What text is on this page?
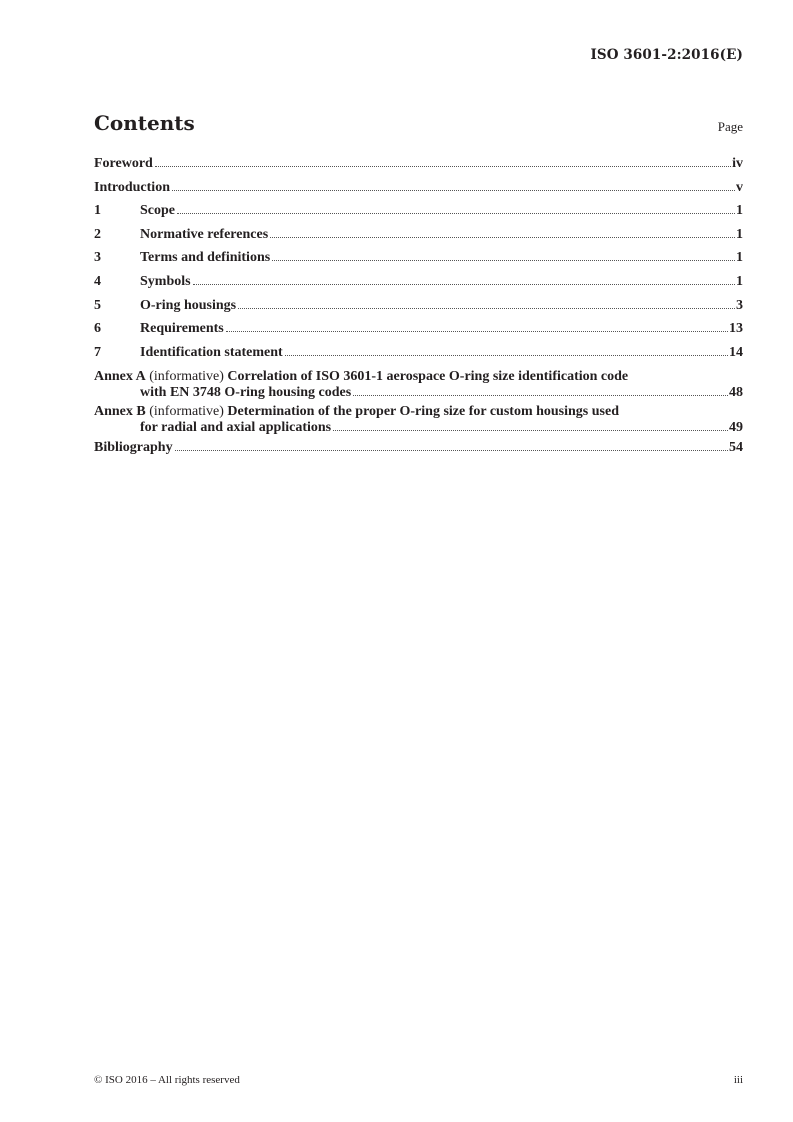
ISO 3601-2:2016(E)
Contents	Page
Foreword	iv
Introduction	v
1	Scope	1
2	Normative references	1
3	Terms and definitions	1
4	Symbols	1
5	O-ring housings	3
6	Requirements	13
7	Identification statement	14
Annex A (informative) Correlation of ISO 3601-1 aerospace O-ring size identification code
with EN 3748 O-ring housing codes	48
Annex B (informative) Determination of the proper O-ring size for custom housings used
for radial and axial applications	49
Bibliography	54
© ISO 2016 – All rights reserved	iii
